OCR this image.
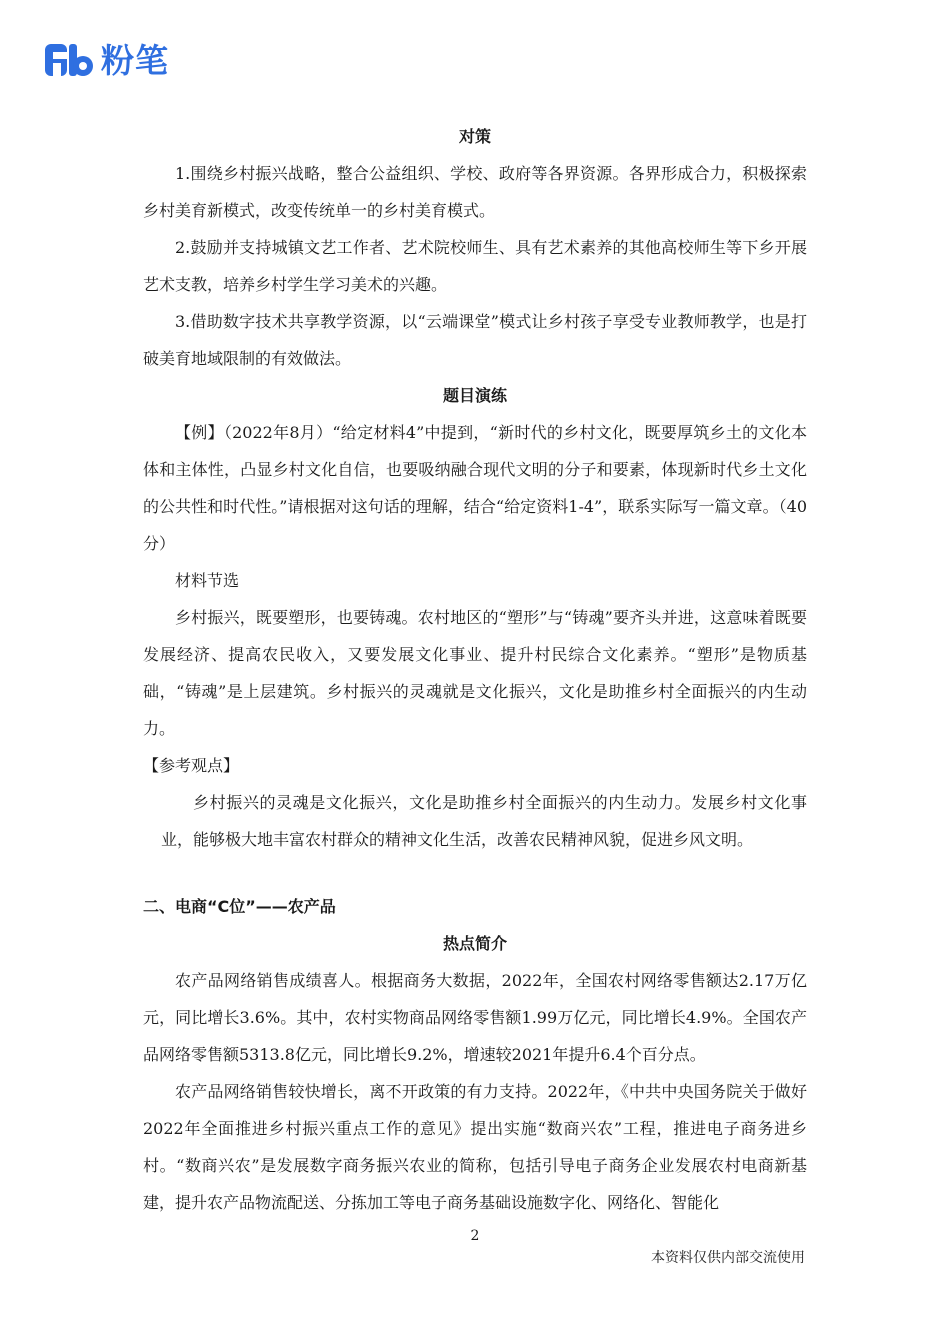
粉笔

对策

1.围绕乡村振兴战略，整合公益组织、学校、政府等各界资源。各界形成合力，积极探索乡村美育新模式，改变传统单一的乡村美育模式。

2.鼓励并支持城镇文艺工作者、艺术院校师生、具有艺术素养的其他高校师生等下乡开展艺术支教，培养乡村学生学习美术的兴趣。

3.借助数字技术共享教学资源，以“云端课堂”模式让乡村孩子享受专业教师教学，也是打破美育地域限制的有效做法。

题目演练

【例】（2022年8月）“给定材料4”中提到，“新时代的乡村文化，既要厚筑乡土的文化本体和主体性，凸显乡村文化自信，也要吸纳融合现代文明的分子和要素，体现新时代乡土文化的公共性和时代性。”请根据对这句话的理解，结合“给定资料1-4”，联系实际写一篇文章。（40分）

材料节选

乡村振兴，既要塑形，也要铸魂。农村地区的“塑形”与“铸魂”要齐头并进，这意味着既要发展经济、提高农民收入，又要发展文化事业、提升村民综合文化素养。“塑形”是物质基础，“铸魂”是上层建筑。乡村振兴的灵魂就是文化振兴，文化是助推乡村全面振兴的内生动力。

【参考观点】

乡村振兴的灵魂是文化振兴，文化是助推乡村全面振兴的内生动力。发展乡村文化事业，能够极大地丰富农村群众的精神文化生活，改善农民精神风貌，促进乡风文明。

二、电商“C位”——农产品

热点简介

农产品网络销售成绩喜人。根据商务大数据，2022年，全国农村网络零售额达2.17万亿元，同比增长3.6%。其中，农村实物商品网络零售额1.99万亿元，同比增长4.9%。全国农产品网络零售额5313.8亿元，同比增长9.2%，增速较2021年提升6.4个百分点。

农产品网络销售较快增长，离不开政策的有力支持。2022年，《中共中央国务院关于做好2022年全面推进乡村振兴重点工作的意见》提出实施“数商兴农”工程，推进电子商务进乡村。“数商兴农”是发展数字商务振兴农业的简称，包括引导电子商务企业发展农村电商新基建，提升农产品物流配送、分拣加工等电子商务基础设施数字化、网络化、智能化

2
本资料仅供内部交流使用
